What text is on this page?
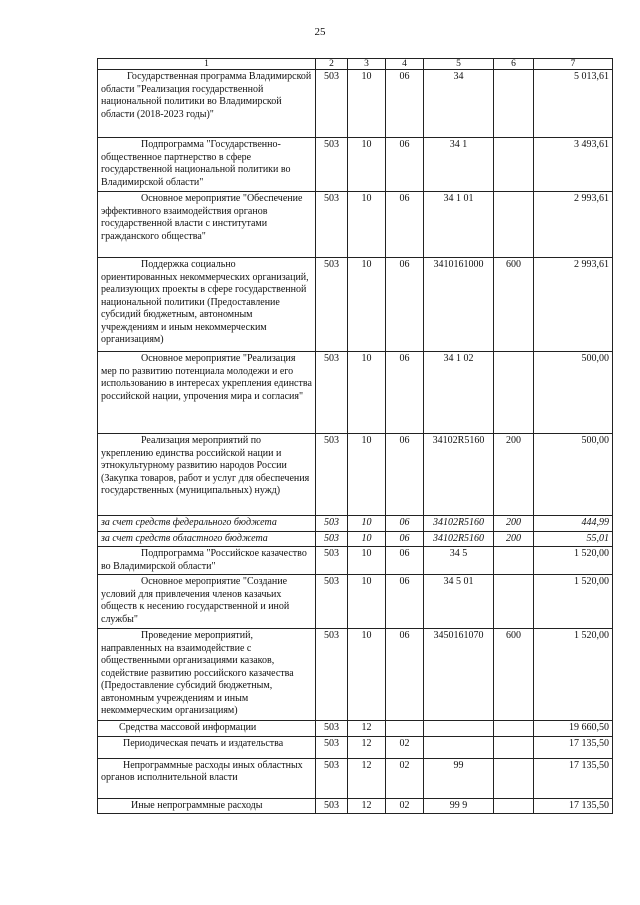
25
1	2	3	4	5	6	7
Государственная программа Владимирской области "Реализация государственной национальной политики во Владимирской области (2018-2023 годы)"	503	10	06	34		5 013,61
Подпрограмма "Государственно-общественное партнерство в сфере государственной национальной политики во Владимирской области"	503	10	06	34 1		3 493,61
Основное мероприятие "Обеспечение эффективного взаимодействия органов государственной власти с институтами гражданского общества"	503	10	06	34 1 01		2 993,61
Поддержка социально ориентированных некоммерческих организаций, реализующих проекты в сфере государственной национальной политики (Предоставление субсидий бюджетным, автономным учреждениям и иным некоммерческим организациям)	503	10	06	3410161000	600	2 993,61
Основное мероприятие "Реализация мер по развитию потенциала молодежи и его использованию в интересах укрепления единства российской нации, упрочения мира и согласия"	503	10	06	34 1 02		500,00
Реализация мероприятий по укреплению единства российской нации и этнокультурному развитию народов России (Закупка товаров, работ и услуг для обеспечения государственных (муниципальных) нужд)	503	10	06	34102R5160	200	500,00
за счет средств федерального бюджета	503	10	06	34102R5160	200	444,99
за счет средств областного бюджета	503	10	06	34102R5160	200	55,01
Подпрограмма "Российское казачество во Владимирской области"	503	10	06	34 5		1 520,00
Основное мероприятие "Создание условий для привлечения членов казачьих обществ к несению государственной и иной службы"	503	10	06	34 5 01		1 520,00
Проведение мероприятий, направленных на взаимодействие с общественными организациями казаков, содействие развитию российского казачества (Предоставление субсидий бюджетным, автономным учреждениям и иным некоммерческим организациям)	503	10	06	3450161070	600	1 520,00
Средства массовой информации	503	12				19 660,50
Периодическая печать и издательства	503	12	02			17 135,50
Непрограммные расходы иных областных органов исполнительной власти	503	12	02	99		17 135,50
Иные непрограммные расходы	503	12	02	99 9		17 135,50
